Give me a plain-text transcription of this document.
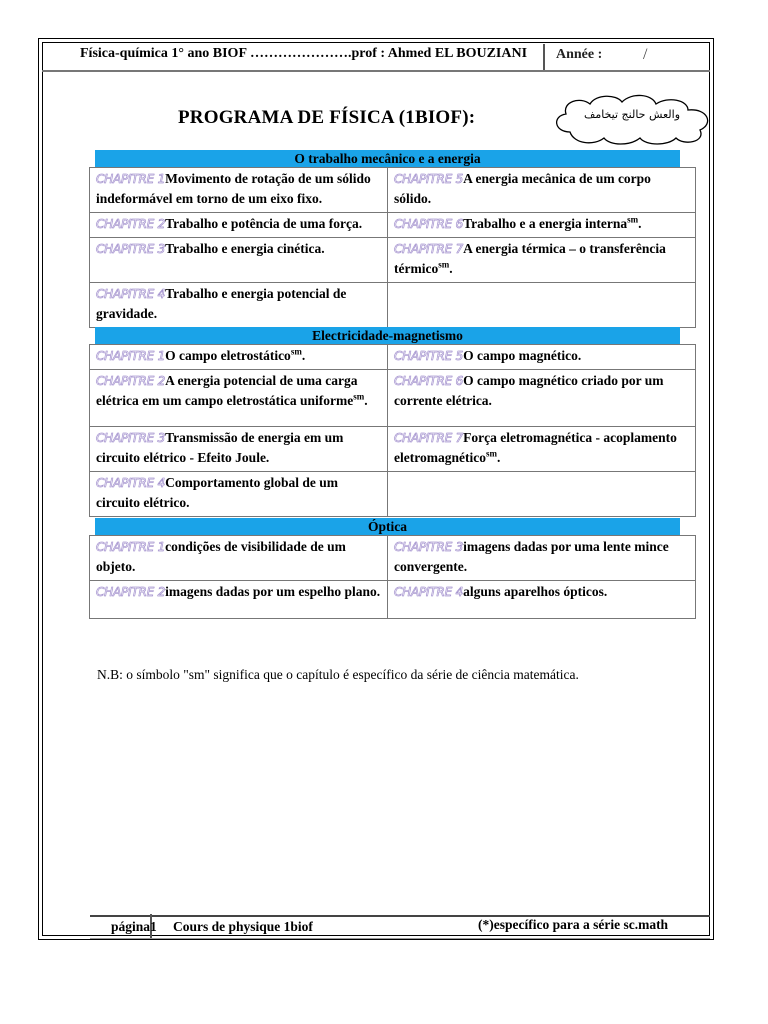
Física-química 1° ano BIOF ………………….prof : Ahmed EL BOUZIANI Année :	/
PROGRAMA DE FÍSICA (1BIOF):	والعش ح‏النج تيخ‏امف
O trabalho mecânico e a energia
CHAPITRE 1Movimento de rotação de um sólido indeformável em torno de um eixo fixo.	CHAPITRE 5A energia mecânica de um corpo sólido.
CHAPITRE 2Trabalho e potência de uma força.	CHAPITRE 6Trabalho e a energia interna$^{sm}$.
CHAPITRE 3Trabalho e energia cinética.	CHAPITRE 7A energia térmica – o transferência térmico$^{sm}$.
CHAPITRE 4Trabalho e energia potencial de gravidade.	
Electricidade-magnetismo
CHAPITRE 1O campo eletrostático$^{sm}$.	CHAPITRE 5O campo magnético.
CHAPITRE 2A energia potencial de uma carga elétrica em um campo eletrostática uniforme$^{sm}$.	CHAPITRE 6O campo magnético criado por um corrente elétrica.
CHAPITRE 3Transmissão de energia em um circuito elétrico - Efeito Joule.	CHAPITRE 7Força eletromagnética - acoplamento eletromagnético$^{sm}$.
CHAPITRE 4Comportamento global de um circuito elétrico.	
Óptica
CHAPITRE 1condições de visibilidade de um objeto.	CHAPITRE 3imagens dadas por uma lente mince convergente.
CHAPITRE 2imagens dadas por um espelho plano.	CHAPITRE 4alguns aparelhos ópticos.
N.B: o símbolo "sm" significa que o capítulo é específico da série de ciência matemática.
página1 Cours de physique 1biof	(*)específico para a série sc.math
